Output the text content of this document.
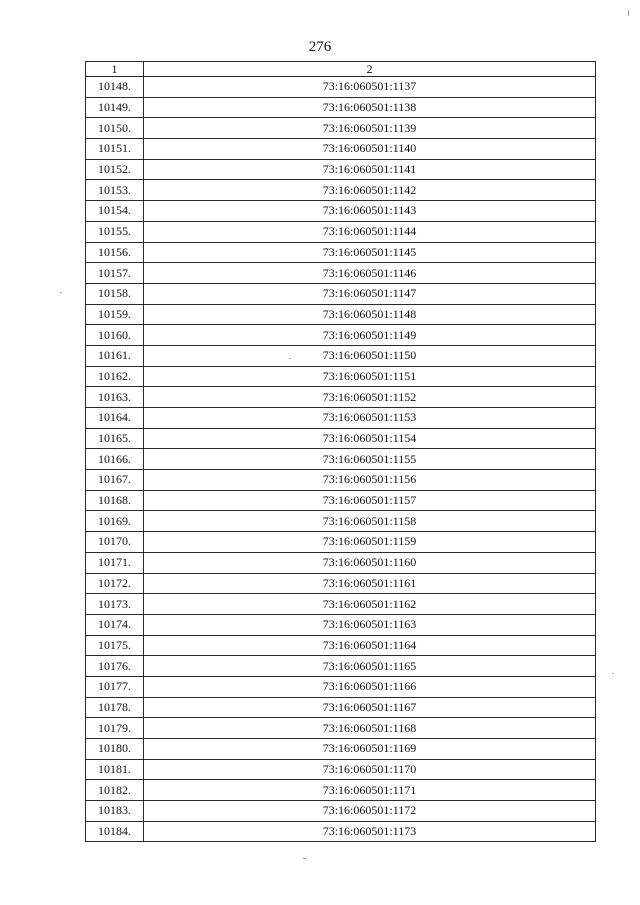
276
1	2
10148.	73:16:060501:1137
10149.	73:16:060501:1138
10150.	73:16:060501:1139
10151.	73:16:060501:1140
10152.	73:16:060501:1141
10153.	73:16:060501:1142
10154.	73:16:060501:1143
10155.	73:16:060501:1144
10156.	73:16:060501:1145
10157.	73:16:060501:1146
10158.	73:16:060501:1147
10159.	73:16:060501:1148
10160.	73:16:060501:1149
10161.	73:16:060501:1150
10162.	73:16:060501:1151
10163.	73:16:060501:1152
10164.	73:16:060501:1153
10165.	73:16:060501:1154
10166.	73:16:060501:1155
10167.	73:16:060501:1156
10168.	73:16:060501:1157
10169.	73:16:060501:1158
10170.	73:16:060501:1159
10171.	73:16:060501:1160
10172.	73:16:060501:1161
10173.	73:16:060501:1162
10174.	73:16:060501:1163
10175.	73:16:060501:1164
10176.	73:16:060501:1165
10177.	73:16:060501:1166
10178.	73:16:060501:1167
10179.	73:16:060501:1168
10180.	73:16:060501:1169
10181.	73:16:060501:1170
10182.	73:16:060501:1171
10183.	73:16:060501:1172
10184.	73:16:060501:1173
